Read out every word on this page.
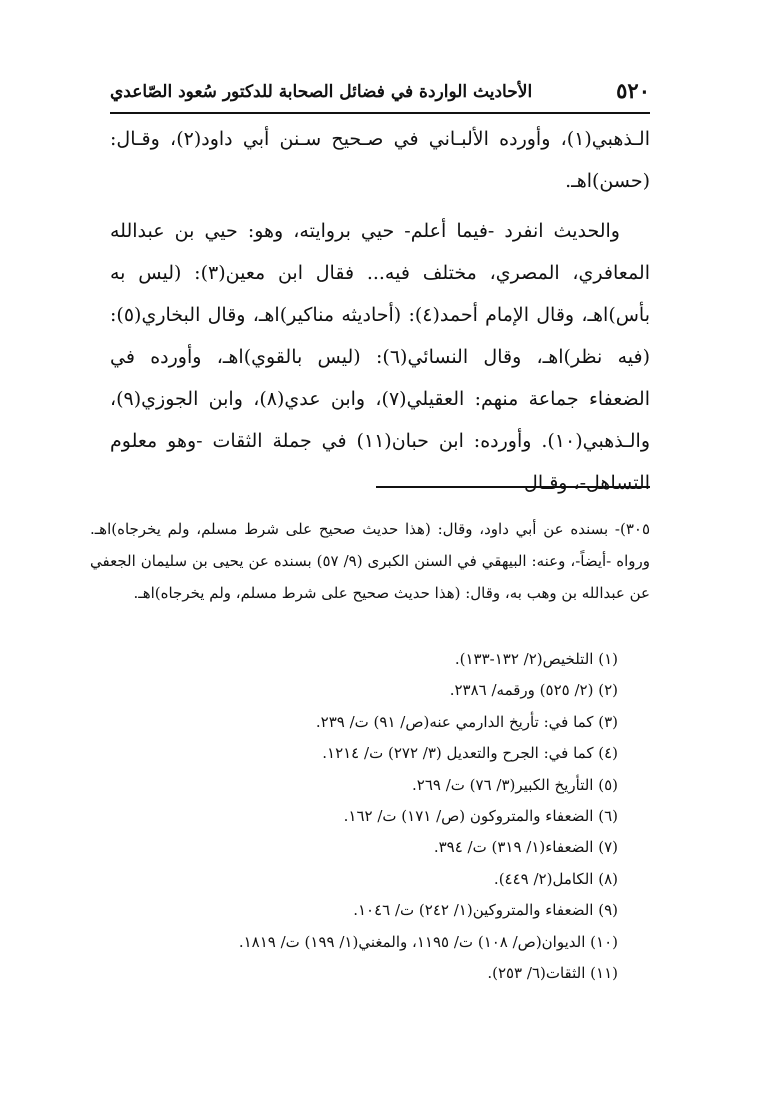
٥٢٠
الأحاديث الواردة في فضائل الصحابة للدكتور سُعود الصّاعدي

الـذهبي(١)، وأورده الألبـاني في صـحيح سـنن أبي داود(٢)، وقـال: (حسن)اهـ.

والحديث انفرد -فيما أعلم- حيي بروايته، وهو: حيي بن عبدالله المعافري، المصري، مختلف فيه... فقال ابن معين(٣): (ليس به بأس)اهـ، وقال الإمام أحمد(٤): (أحاديثه مناكير)اهـ، وقال البخاري(٥): (فيه نظر)اهـ، وقال النسائي(٦): (ليس بالقوي)اهـ، وأورده في الضعفاء جماعة منهم: العقيلي(٧)، وابن عدي(٨)، وابن الجوزي(٩)، والـذهبي(١٠). وأورده: ابن حبان(١١) في جملة الثقات -وهو معلوم التساهل-، وقـال

٣٠٥)- بسنده عن أبي داود، وقال: (هذا حديث صحيح على شرط مسلم، ولم يخرجاه)اهـ. ورواه -أيضاً-، وعنه: البيهقي في السنن الكبرى (٩/ ٥٧) بسنده عن يحيى بن سليمان الجعفي عن عبدالله بن وهب به، وقال: (هذا حديث صحيح على شرط مسلم، ولم يخرجاه)اهـ.
(١) التلخيص(٢/ ١٣٢-١٣٣).
(٢) (٢/ ٥٢٥) ورقمه/ ٢٣٨٦.
(٣) كما في: تأريخ الدارمي عنه(ص/ ٩١) ت/ ٢٣٩.
(٤) كما في: الجرح والتعديل (٣/ ٢٧٢) ت/ ١٢١٤.
(٥) التأريخ الكبير(٣/ ٧٦) ت/ ٢٦٩.
(٦) الضعفاء والمتروكون (ص/ ١٧١) ت/ ١٦٢.
(٧) الضعفاء(١/ ٣١٩) ت/ ٣٩٤.
(٨) الكامل(٢/ ٤٤٩).
(٩) الضعفاء والمتروكين(١/ ٢٤٢) ت/ ١٠٤٦.
(١٠) الديوان(ص/ ١٠٨) ت/ ١١٩٥، والمغني(١/ ١٩٩) ت/ ١٨١٩.
(١١) الثقات(٦/ ٢٥٣).
